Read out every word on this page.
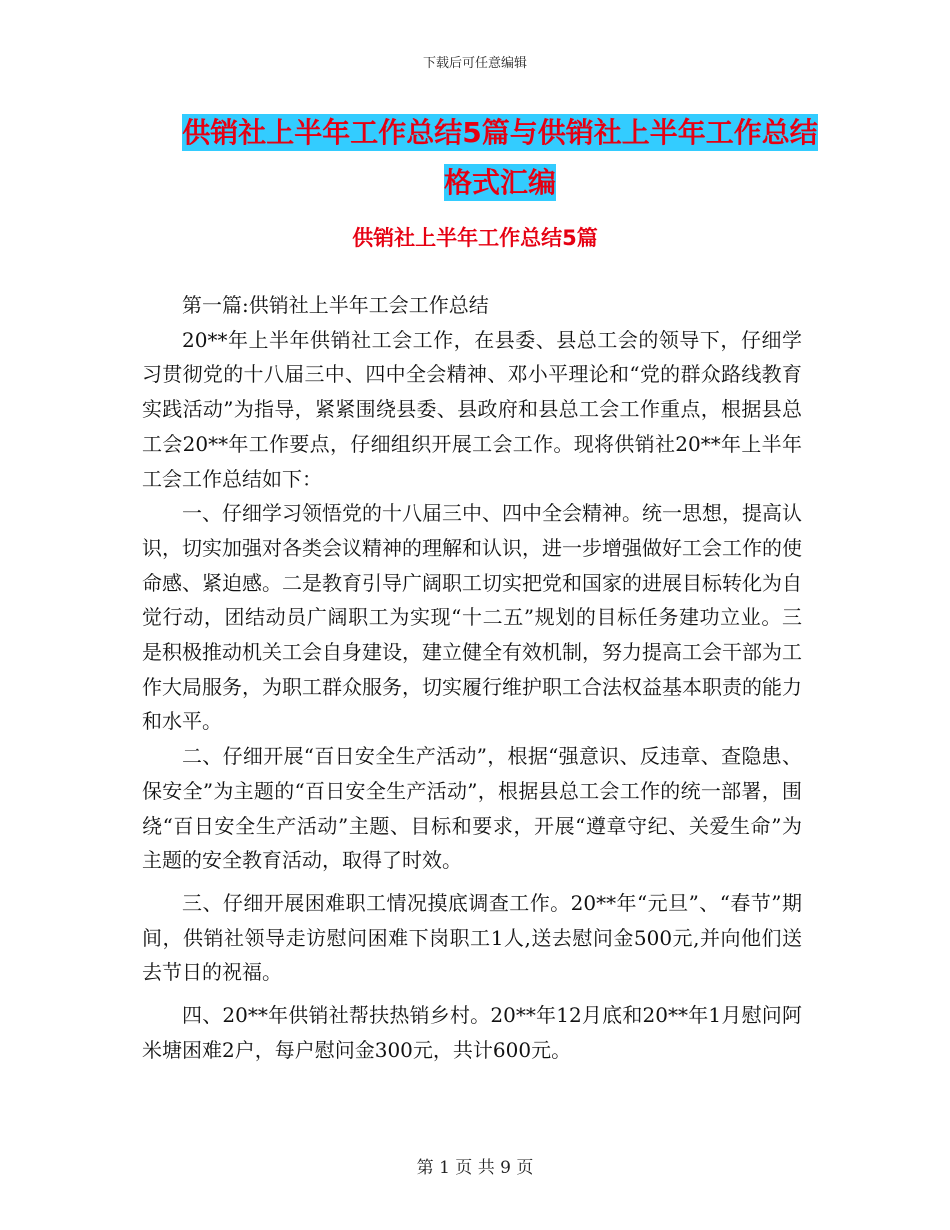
下载后可任意编辑
供销社上半年工作总结5篇与供销社上半年工作总结
格式汇编
供销社上半年工作总结5篇

第一篇:供销社上半年工会工作总结

20**年上半年供销社工会工作，在县委、县总工会的领导下，仔细学习贯彻党的十八届三中、四中全会精神、邓小平理论和“党的群众路线教育实践活动”为指导，紧紧围绕县委、县政府和县总工会工作重点，根据县总工会20**年工作要点，仔细组织开展工会工作。现将供销社20**年上半年工会工作总结如下：

一、仔细学习领悟党的十八届三中、四中全会精神。统一思想，提高认识，切实加强对各类会议精神的理解和认识，进一步增强做好工会工作的使命感、紧迫感。二是教育引导广阔职工切实把党和国家的进展目标转化为自觉行动，团结动员广阔职工为实现“十二五”规划的目标任务建功立业。三是积极推动机关工会自身建设，建立健全有效机制，努力提高工会干部为工作大局服务，为职工群众服务，切实履行维护职工合法权益基本职责的能力和水平。

二、仔细开展“百日安全生产活动”，根据“强意识、反违章、查隐患、保安全”为主题的“百日安全生产活动”，根据县总工会工作的统一部署，围绕“百日安全生产活动”主题、目标和要求，开展“遵章守纪、关爱生命”为主题的安全教育活动，取得了时效。

三、仔细开展困难职工情况摸底调查工作。20**年“元旦”、“春节”期间，供销社领导走访慰问困难下岗职工1人,送去慰问金500元,并向他们送去节日的祝福。

四、20**年供销社帮扶热销乡村。20**年12月底和20**年1月慰问阿米塘困难2户，每户慰问金300元，共计600元。

第 1 页 共 9 页
